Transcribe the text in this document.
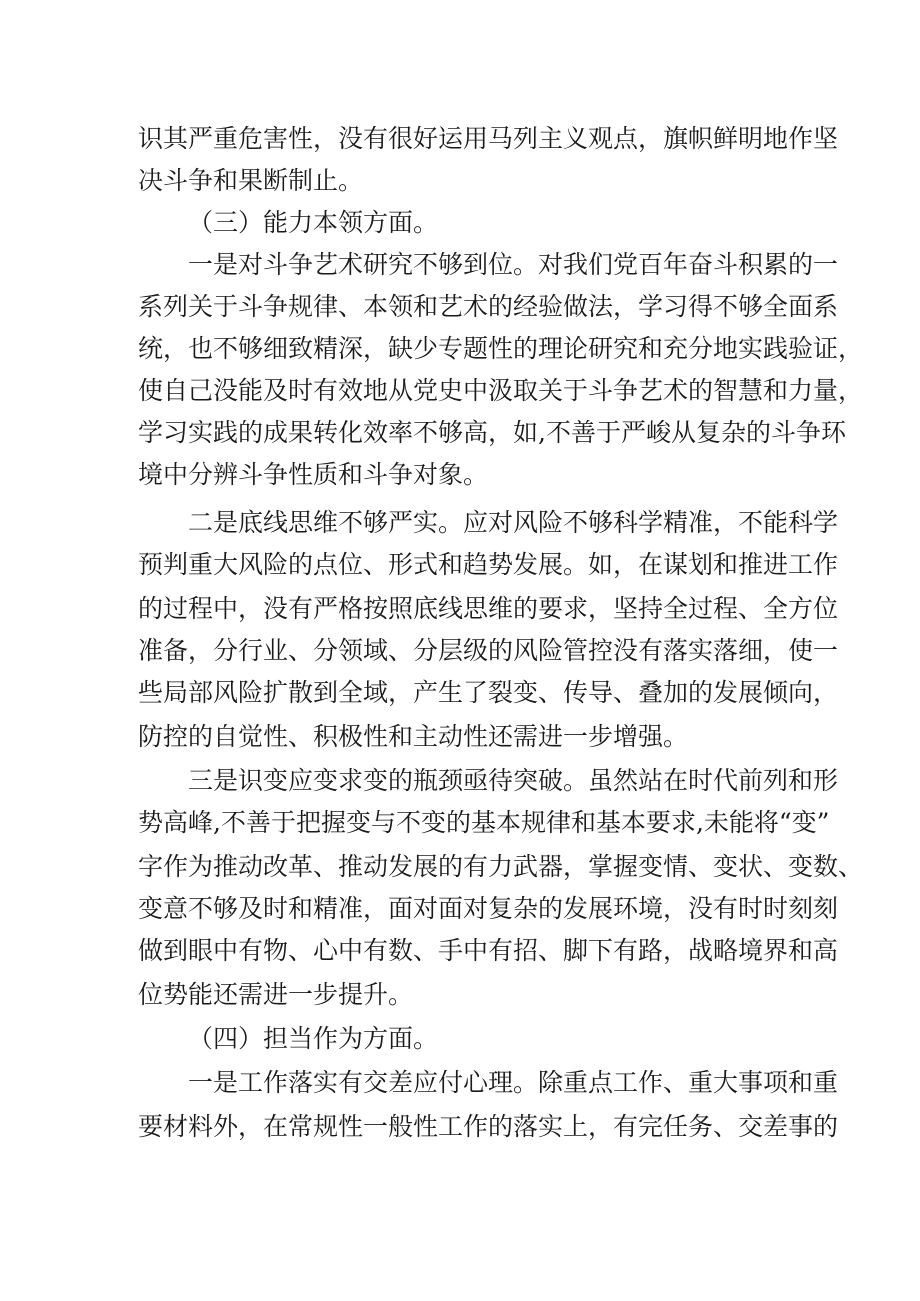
识其严重危害性，没有很好运用马列主义观点，旗帜鲜明地作坚
决斗争和果断制止。
（三）能力本领方面。
一是对斗争艺术研究不够到位。对我们党百年奋斗积累的一
系列关于斗争规律、本领和艺术的经验做法，学习得不够全面系
统，也不够细致精深，缺少专题性的理论研究和充分地实践验证，
使自己没能及时有效地从党史中汲取关于斗争艺术的智慧和力量，
学习实践的成果转化效率不够高，如,不善于严峻从复杂的斗争环
境中分辨斗争性质和斗争对象。
二是底线思维不够严实。应对风险不够科学精准，不能科学
预判重大风险的点位、形式和趋势发展。如，在谋划和推进工作
的过程中，没有严格按照底线思维的要求，坚持全过程、全方位
准备，分行业、分领域、分层级的风险管控没有落实落细，使一
些局部风险扩散到全域，产生了裂变、传导、叠加的发展倾向，
防控的自觉性、积极性和主动性还需进一步增强。
三是识变应变求变的瓶颈亟待突破。虽然站在时代前列和形
势高峰,不善于把握变与不变的基本规律和基本要求,未能将“变”
字作为推动改革、推动发展的有力武器，掌握变情、变状、变数、
变意不够及时和精准，面对面对复杂的发展环境，没有时时刻刻
做到眼中有物、心中有数、手中有招、脚下有路，战略境界和高
位势能还需进一步提升。
（四）担当作为方面。
一是工作落实有交差应付心理。除重点工作、重大事项和重
要材料外，在常规性一般性工作的落实上，有完任务、交差事的
